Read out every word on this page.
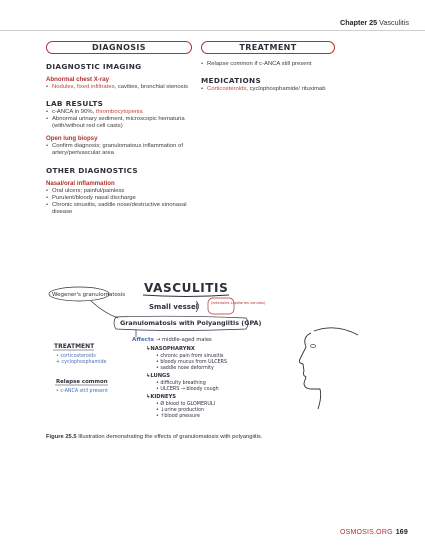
Chapter 25 Vasculitis
DIAGNOSIS
DIAGNOSTIC IMAGING
Abnormal chest X-ray
• Nodules, fixed infiltrates, cavities, bronchial stenosis
LAB RESULTS
• c-ANCA in 90%, thrombocytopenia
• Abnormal urinary sediment, microscopic hematuria (with/without red cell casts)
Open lung biopsy
• Confirm diagnosis; granulomatous inflammation of artery/perivascular area
OTHER DIAGNOSTICS
Nasal/oral inflammation
• Oral ulcers; painful/painless
• Purulent/bloody nasal discharge
• Chronic sinusitis, saddle nose/destructive sinonasal disease
TREATMENT
• Relapse common if c-ANCA still present
MEDICATIONS
• Corticosteroids, cyclophosphamide/ rituximab
VASCULITIS
Wegener's granulomatosis
Small vessel	(arterioles capillaries venules)
Granulomatosis with Polyangiitis (GPA)
Affects → middle-aged males
↳NASOPHARYNX
• chronic pain from sinusitis
• bloody mucus from ULCERS
• saddle nose deformity
↳LUNGS
• difficulty breathing
• ULCERS → bloody cough
↳KIDNEYS
• Ø blood to GLOMERULI
• ↓urine production
• ↑blood pressure
TREATMENT
• corticosteroids
+ cyclophosphamide
Relapse common
• c-ANCA still present
Figure 25.5 Illustration demonstrating the effects of granulomatosis with polyangiitis.
OSMOSIS.ORG 169
